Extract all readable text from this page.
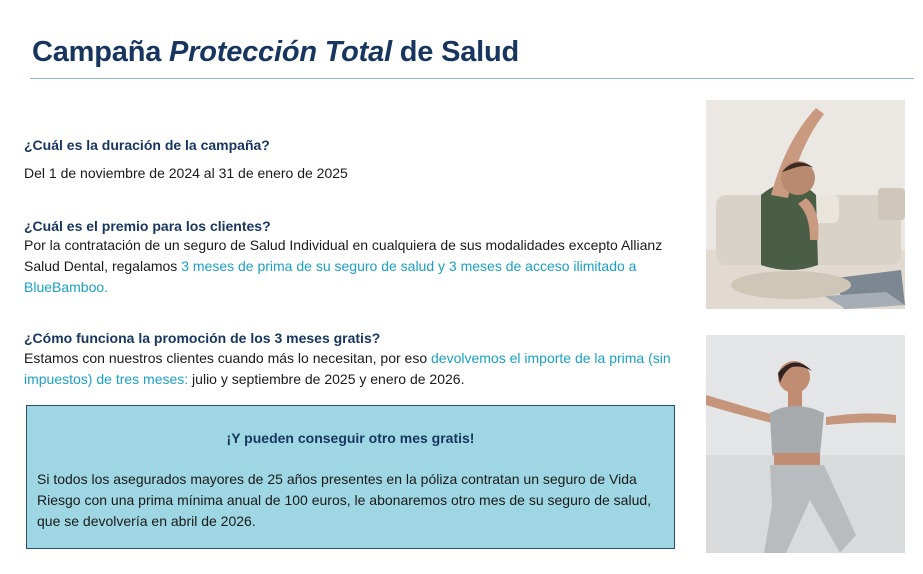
Campaña Protección Total de Salud
¿Cuál es la duración de la campaña?
Del 1 de noviembre de 2024 al 31 de enero de 2025
¿Cuál es el premio para los clientes?
Por la contratación de un seguro de Salud Individual en cualquiera de sus modalidades excepto Allianz Salud Dental, regalamos 3 meses de prima de su seguro de salud y 3 meses de acceso ilimitado a BlueBamboo.
¿Cómo funciona la promoción de los 3 meses gratis?
Estamos con nuestros clientes cuando más lo necesitan, por eso devolvemos el importe de la prima (sin impuestos) de tres meses: julio y septiembre de 2025 y enero de 2026.
¡Y pueden conseguir otro mes gratis!
Si todos los asegurados mayores de 25 años presentes en la póliza contratan un seguro de Vida Riesgo con una prima mínima anual de 100 euros, le abonaremos otro mes de su seguro de salud, que se devolvería en abril de 2026.
